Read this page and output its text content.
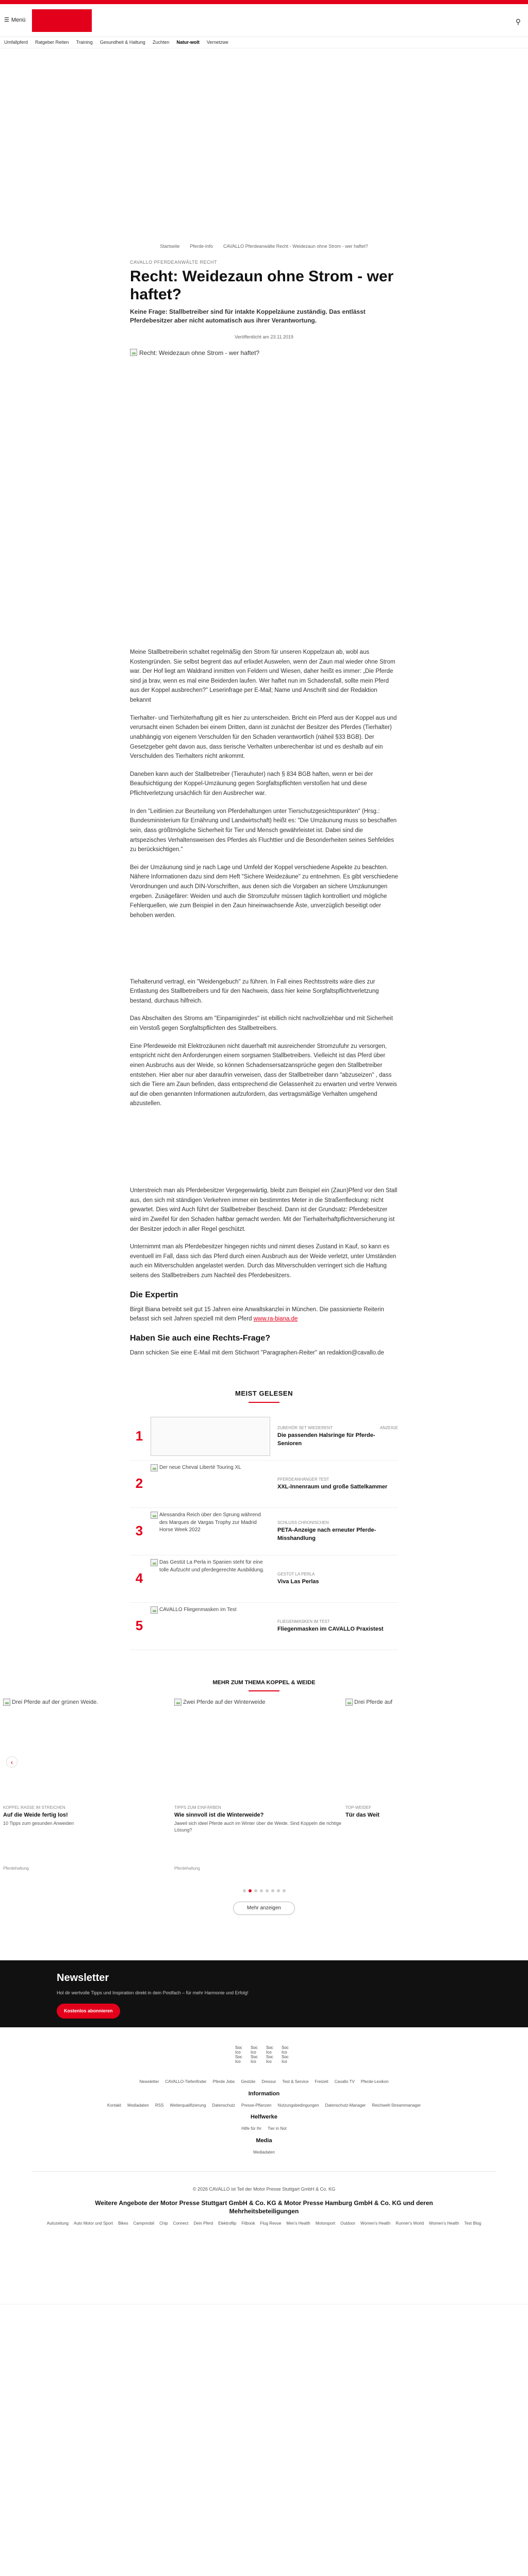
☰ Menü	⚲
Umfallpferd Ratgeber Reiten Training Gesundheit & Haltung Zuchten Natur-wolt Vernetzwe
Startseite Pferde-Info CAVALLO Pferdeanwälte Recht - Weidezaun ohne Strom - wer haftet?
CAVALLO PFERDEANWÄLTE RECHT
Recht: Weidezaun ohne Strom - wer haftet?

Keine Frage: Stallbetreiber sind für intakte Koppelzäune zuständig. Das entlässt Pferdebesitzer aber nicht automatisch aus ihrer Verantwortung.

Veröffentlicht am 23.11.2019
Recht: Weidezaun ohne Strom - wer haftet?

Meine Stallbetreiberin schaltet regelmäßig den Strom für unseren Koppelzaun ab, wobl aus Kostengründen. Sie selbst begrent das auf erlixdet Auswelen, wenn der Zaun mal wieder ohne Strom war. Der Hof liegt am Waldrand inmitten von Feldern und Wiesen, daher heißt es immer: „Die Pferde sind ja brav, wenn es mal eine Beiderden laufen. Wer haftet nun im Schadensfall, sollte mein Pferd aus der Koppel ausbrechen?" Leserinfrage per E-Mail; Name und Anschrift sind der Redaktion bekannt

Tierhalter- und Tierhüterhaftung gilt es hier zu unterscheiden. Bricht ein Pferd aus der Koppel aus und verursacht einen Schaden bei einem Dritten, dann ist zunächst der Besitzer des Pferdes (Tierhalter) unabhängig von eigenem Verschulden für den Schaden verantwortlich (näheil §33 BGB). Der Gesetzgeber geht davon aus, dass tierische Verhalten unberechenbar ist und es deshalb auf ein Verschulden des Tierhalters nicht ankommt.

Daneben kann auch der Stallbetreiber (Tierauhuter) nach § 834 BGB haften, wenn er bei der Beaufsichtigung der Koppel-Umzäunung gegen Sorgfaltspflichten verstoßen hat und diese Pflichtverletzung ursächlich für den Ausbrecher war.

In den "Leitlinien zur Beurteilung von Pferdehaltungen unter Tierschutzgesichtspunkten" (Hrsg.: Bundesministerium für Ernährung und Landwirtschaft) heißt es: "Die Umzäunung muss so beschaffen sein, dass größtmögliche Sicherheit für Tier und Mensch gewährleistet ist. Dabei sind die artspezisches Verhaltensweisen des Pferdes als Fluchttier und die Besonderheiten seines Sehfeldes zu berücksichtigen."

Bei der Umzäunung sind je nach Lage und Umfeld der Koppel verschiedene Aspekte zu beachten. Nähere Informationen dazu sind dem Heft "Sichere Weidezäune" zu entnehmen. Es gibt verschiedene Verordnungen und auch DIN-Vorschriften, aus denen sich die Vorgaben an sichere Umzäunungen ergeben. Zusägefärer: Weiden und auch die Stromzufuhr müssen täglich kontrolliert und mögliche Fehlerquellen, wie zum Beispiel in den Zaun hineinwachsende Äste, unverzüglich beseitigt oder behoben werden.

Tiehalterund vertragl, ein "Weidengebuch" zu führen. In Fall eines Rechtsstreits wäre dies zur Entlastung des Stallbetreibers und für den Nachweis, dass hier keine Sorgfaltspflichtverletzung bestand, durchaus hilfreich.

Das Abschalten des Stroms am "Einpamiginrdes" ist ebillich nicht nachvollziehbar und mit Sicherheit ein Verstoß gegen Sorgfaltspflichten des Stallbetreibers.

Eine Pferdeweide mit Elektrozäunen nicht dauerhaft mit ausreichender Stromzufuhr zu versorgen, entspricht nicht den Anforderungen einem sorgsamen Stallbetreibers. Vielleicht ist das Pferd über einen Ausbruchs aus der Weide, so können Schadensersatzansprüche gegen den Stallbetreiber entstehen. Hier aber nur aber daraufrin verweisen, dass der Stallbetreiber dann "abzuseizen" , dass sich die Tiere am Zaun befinden, dass entsprechend die Gelassenheit zu erwarten und vertre Verweis auf die oben genannten Informationen aufzufordern, das vertragsmäßige Verhalten umgehend abzustellen.

Unterstreich man als Pferdebesitzer Vergegenwärtig, bleibt zum Beispiel ein (Zaun)Pferd vor den Stall aus, den sich mit ständigen Verkehren immer ein bestimmtes Meter in die Straßenfleckung: nicht gewartet. Dies wird Auch führt der Stallbetreiber Bescheid. Dann ist der Grundsatz: Pferdebesitzer wird im Zweifel für den Schaden haftbar gemacht werden. Mit der Tierhalterhaftpflichtversicherung ist der Besitzer jedoch in aller Regel geschützt.

Unternimmt man als Pferdebesitzer hingegen nichts und nimmt dieses Zustand in Kauf, so kann es eventuell im Fall, dass sich das Pferd durch einen Ausbruch aus der Weide verletzt, unter Umständen auch ein Mitverschulden angelastet werden. Durch das Mitverschulden verringert sich die Haftung seitens des Stallbetreibers zum Nachteil des Pferdebesitzers.

Die Expertin

Birgit Biana betreibt seit gut 15 Jahren eine Anwaltskanzlei in München. Die passionierte Reiterin befasst sich seit Jahren speziell mit dem Pferd www.ra-biana.de

Haben Sie auch eine Rechts-Frage?

Dann schicken Sie eine E-Mail mit dem Stichwort "Paragraphen-Reiter" an redaktion@cavallo.de

MEIST GELESEN
1
ZUBEHÖR SET WIEDERENT	ANZEIGE
Die passenden Halsringe für Pferde-Senioren
2
Der neue Cheval Liberté Touring XL
PFERDEANHÄNGER TEST
XXL-Innenraum und große Sattelkammer
3
Alessandra Reich über den Sprung während des Marques de Vargas Trophy zur Madrid Horse Week 2022
SCHLUSS CHRONISCHEN
PETA-Anzeige nach erneuter Pferde-Misshandlung
4
Das Gestüt La Perla in Spanien steht für eine tolle Aufzucht und pferdegerechte Ausbildung.
GESTÜT LA PERLA
Viva Las Perlas
5
CAVALLO Fliegenmasken im Test
FLIEGENMASKEN IM TEST
Fliegenmasken im CAVALLO Praxistest
MEHR ZUM THEMA KOPPEL & WEIDE
Drei Pferde auf der grünen Weide.	Zwei Pferde auf der Winterweide	Drei Pferde auf
‹
KOPPEL RASSE IM STREICHEN
Auf die Weide fertig los!
10 Tipps zum gesunden Anweiden
TIPPS ZUM EINFÄRBEN
Wie sinnvoll ist die Winterweide?
Jaweil sich ideel Pferde auch im Winter über die Weide. Sind Koppeln die richtige Lösung?
TOP-WEIDEF
Tür das Weit
Pferdehaltung	Pferdehaltung
Mehr anzeigen
Newsletter

Hol dir wertvolle Tipps und Inspiration direkt in dein Postfach – für mehr Harmonie und Erfolg!

Kostenlos abonnieren
Soc Ico Soc Ico
Soc Ico Soc Ico
Soc Ico Soc Ico
Soc Ico Soc Ico
Newsletter CAVALLO-Tiefenfinder Pferde Jobs Gestüte Dressur Test & Service Freizeit Cavallo TV Pferde-Lexikon
Information
Kontakt Mediadaten RSS Weiterqualifizierung Datenschutz Presse-Pflanzen Nutzungsbedingungen Datenschutz-Manager Reichwelt-Streammanager
Helfwerke
Hilfe für Ihr Tier in Not
Media
Mediadaten
© 2026 CAVALLO ist Teil der Motor Presse Stuttgart GmbH & Co. KG
Weitere Angebote der Motor Presse Stuttgart GmbH & Co. KG & Motor Presse Hamburg GmbH & Co. KG und deren Mehrheitsbeteiligungen
Autozeitung Auto Motor und Sport Bikes Campmobil Chip Connect Dein Pferd Elektroflip Fitbook Flug Revue Men's Health Motorsport Outdoor Women's Health Runner's World Women's Health Test Blog
